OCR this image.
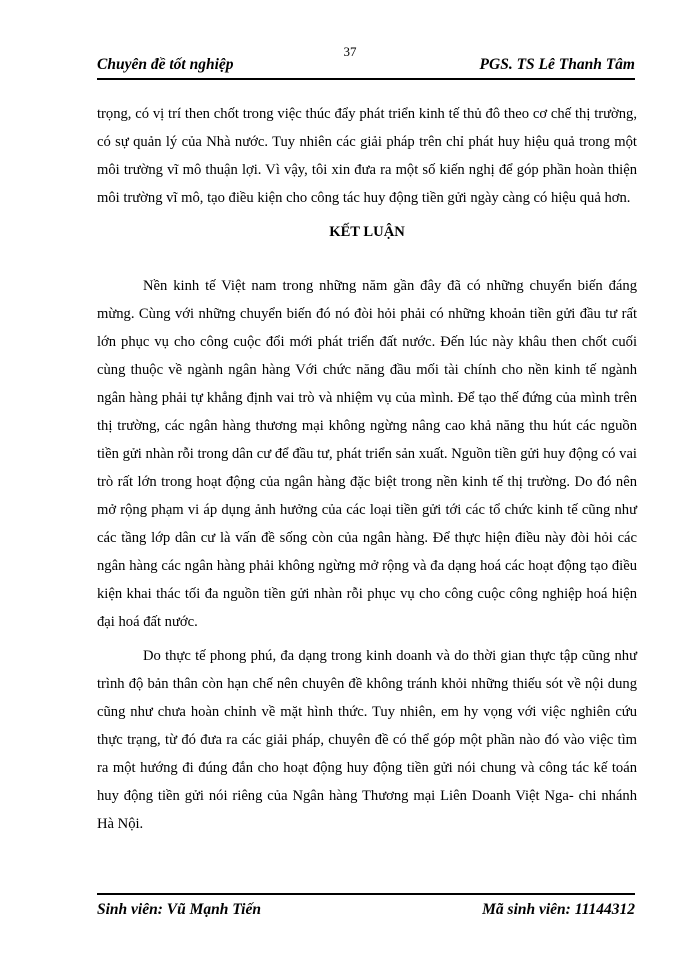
37
Chuyên đề tốt nghiệp	PGS. TS Lê Thanh Tâm

trọng, có vị trí then chốt trong việc thúc đẩy phát triển kinh tế thủ đô theo cơ chế thị trường, có sự quản lý của Nhà nước. Tuy nhiên các giải pháp trên chỉ phát huy hiệu quả trong một môi trường vĩ mô thuận lợi. Vì vậy, tôi xin đưa ra một số kiến nghị để góp phần hoàn thiện môi trường vĩ mô, tạo điều kiện cho công tác huy động tiền gửi ngày càng có hiệu quả hơn.

KẾT LUẬN

Nền kinh tế Việt nam trong những năm gần đây đã có những chuyển biến đáng mừng. Cùng với những chuyển biến đó nó đòi hỏi phải có những khoản tiền gửi đầu tư rất lớn phục vụ cho công cuộc đổi mới phát triển đất nước. Đến lúc này khâu then chốt cuối cùng thuộc về ngành ngân hàng Với chức năng đầu mối tài chính cho nền kinh tế ngành ngân hàng phải tự khẳng định vai trò và nhiệm vụ của mình. Để tạo thế đứng của mình trên thị trường, các ngân hàng thương mại không ngừng nâng cao khả năng thu hút các nguồn tiền gửi nhàn rỗi trong dân cư để đầu tư, phát triển sản xuất. Nguồn tiền gửi huy động có vai trò rất lớn trong hoạt động của ngân hàng đặc biệt trong nền kinh tế thị trường. Do đó nên mở rộng phạm vi áp dụng ảnh hưởng của các loại tiền gửi tới các tổ chức kinh tế cũng như các tầng lớp dân cư là vấn đề sống còn của ngân hàng. Để thực hiện điều này đòi hỏi các ngân hàng các ngân hàng phải không ngừng mở rộng và đa dạng hoá các hoạt động tạo điều kiện khai thác tối đa nguồn tiền gửi nhàn rỗi phục vụ cho công cuộc công nghiệp hoá hiện đại hoá đất nước.

Do thực tế phong phú, đa dạng trong kinh doanh và do thời gian thực tập cũng như trình độ bản thân còn hạn chế nên chuyên đề không tránh khỏi những thiếu sót về nội dung cũng như chưa hoàn chỉnh về mặt hình thức. Tuy nhiên, em hy vọng với việc nghiên cứu thực trạng, từ đó đưa ra các giải pháp, chuyên đề có thể góp một phần nào đó vào việc tìm ra một hướng đi đúng đắn cho hoạt động huy động tiền gửi nói chung và công tác kế toán huy động tiền gửi nói riêng của Ngân hàng Thương mại Liên Doanh Việt Nga- chi nhánh Hà Nội.

Sinh viên: Vũ Mạnh Tiến	Mã sinh viên: 11144312
